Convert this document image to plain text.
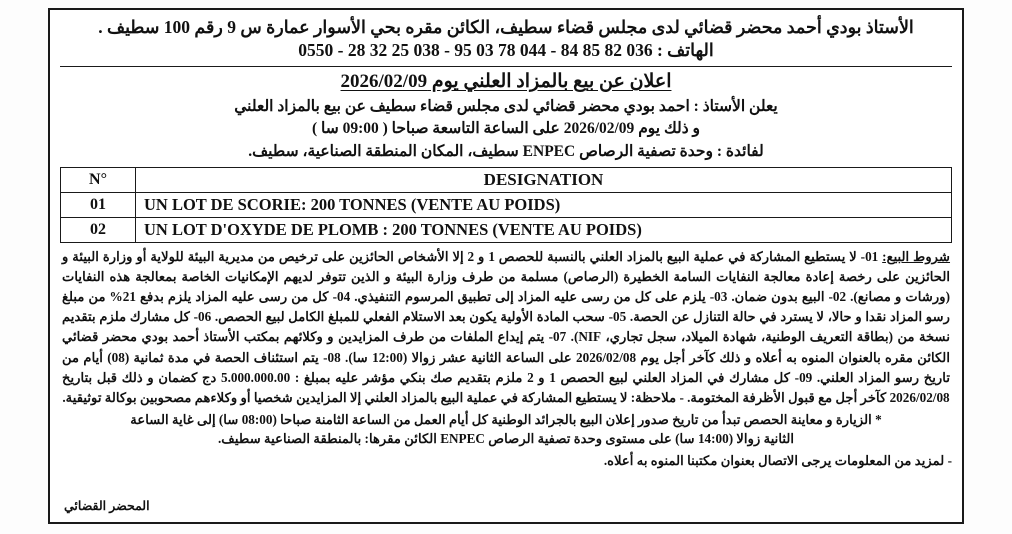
الأستاذ بودي أحمد محضر قضائي لدى مجلس قضاء سطيف، الكائن مقره بحي الأسوار عمارة س 9 رقم 100 سطيف .
الهاتف : 036 82 85 84 - 044 78 03 95 - 038 25 32 28 - 0550
اعلان عن بيع بالمزاد العلني يوم 2026/02/09
يعلن الأستاذ : احمد بودي محضر قضائي لدى مجلس قضاء سطيف عن بيع بالمزاد العلني
و ذلك يوم 2026/02/09 على الساعة التاسعة صباحا ( 09:00 سا )
لفائدة : وحدة تصفية الرصاص ENPEC سطيف، المكان المنطقة الصناعية، سطيف.
N°	DESIGNATION
01	UN LOT DE SCORIE: 200 TONNES (VENTE AU POIDS)
02	UN LOT D'OXYDE DE PLOMB : 200 TONNES (VENTE AU POIDS)
شروط البيع: 01- لا يستطيع المشاركة في عملية البيع بالمزاد العلني بالنسبة للحصص 1 و 2 إلا الأشخاص الحائزين على ترخيص من مديرية البيئة للولاية أو وزارة البيئة و الحائزين على رخصة إعادة معالجة النفايات السامة الخطيرة (الرصاص) مسلمة من طرف وزارة البيئة و الذين تتوفر لديهم الإمكانيات الخاصة بمعالجة هذه النفايات (ورشات و مصانع). 02- البيع بدون ضمان. 03- يلزم على كل من رسى عليه المزاد إلى تطبيق المرسوم التنفيذي. 04- كل من رسى عليه المزاد يلزم بدفع 21% من مبلغ رسو المزاد نقدا و حالا، لا يسترد في حالة التنازل عن الحصة. 05- سحب المادة الأولية يكون بعد الاستلام الفعلي للمبلغ الكامل لبيع الحصص. 06- كل مشارك ملزم بتقديم نسخة من (بطاقة التعريف الوطنية، شهادة الميلاد، سجل تجاري، NIF). 07- يتم إيداع الملفات من طرف المزايدين و وكلائهم بمكتب الأستاذ أحمد بودي محضر قضائي الكائن مقره بالعنوان المنوه به أعلاه و ذلك كآخر أجل يوم 2026/02/08 على الساعة الثانية عشر زوالا (12:00 سا). 08- يتم استئناف الحصة في مدة ثمانية (08) أيام من تاريخ رسو المزاد العلني. 09- كل مشارك في المزاد العلني لبيع الحصص 1 و 2 ملزم بتقديم صك بنكي مؤشر عليه بمبلغ : 5.000.000.00 دج كضمان و ذلك قبل بتاريخ 2026/02/08 كآخر أجل مع قبول الأظرفة المختومة. - ملاحظة: لا يستطيع المشاركة في عملية البيع بالمزاد العلني إلا المزايدين شخصيا أو وكلاءهم مصحوبين بوكالة توثيقية.
* الزيارة و معاينة الحصص تبدأ من تاريخ صدور إعلان البيع بالجرائد الوطنية كل أيام العمل من الساعة الثامنة صباحا (08:00 سا) إلى غاية الساعة
الثانية زوالا (14:00 سا) على مستوى وحدة تصفية الرصاص ENPEC الكائن مقرها: بالمنطقة الصناعية سطيف.
- لمزيد من المعلومات يرجى الاتصال بعنوان مكتبنا المنوه به أعلاه.
المحضر القضائي
